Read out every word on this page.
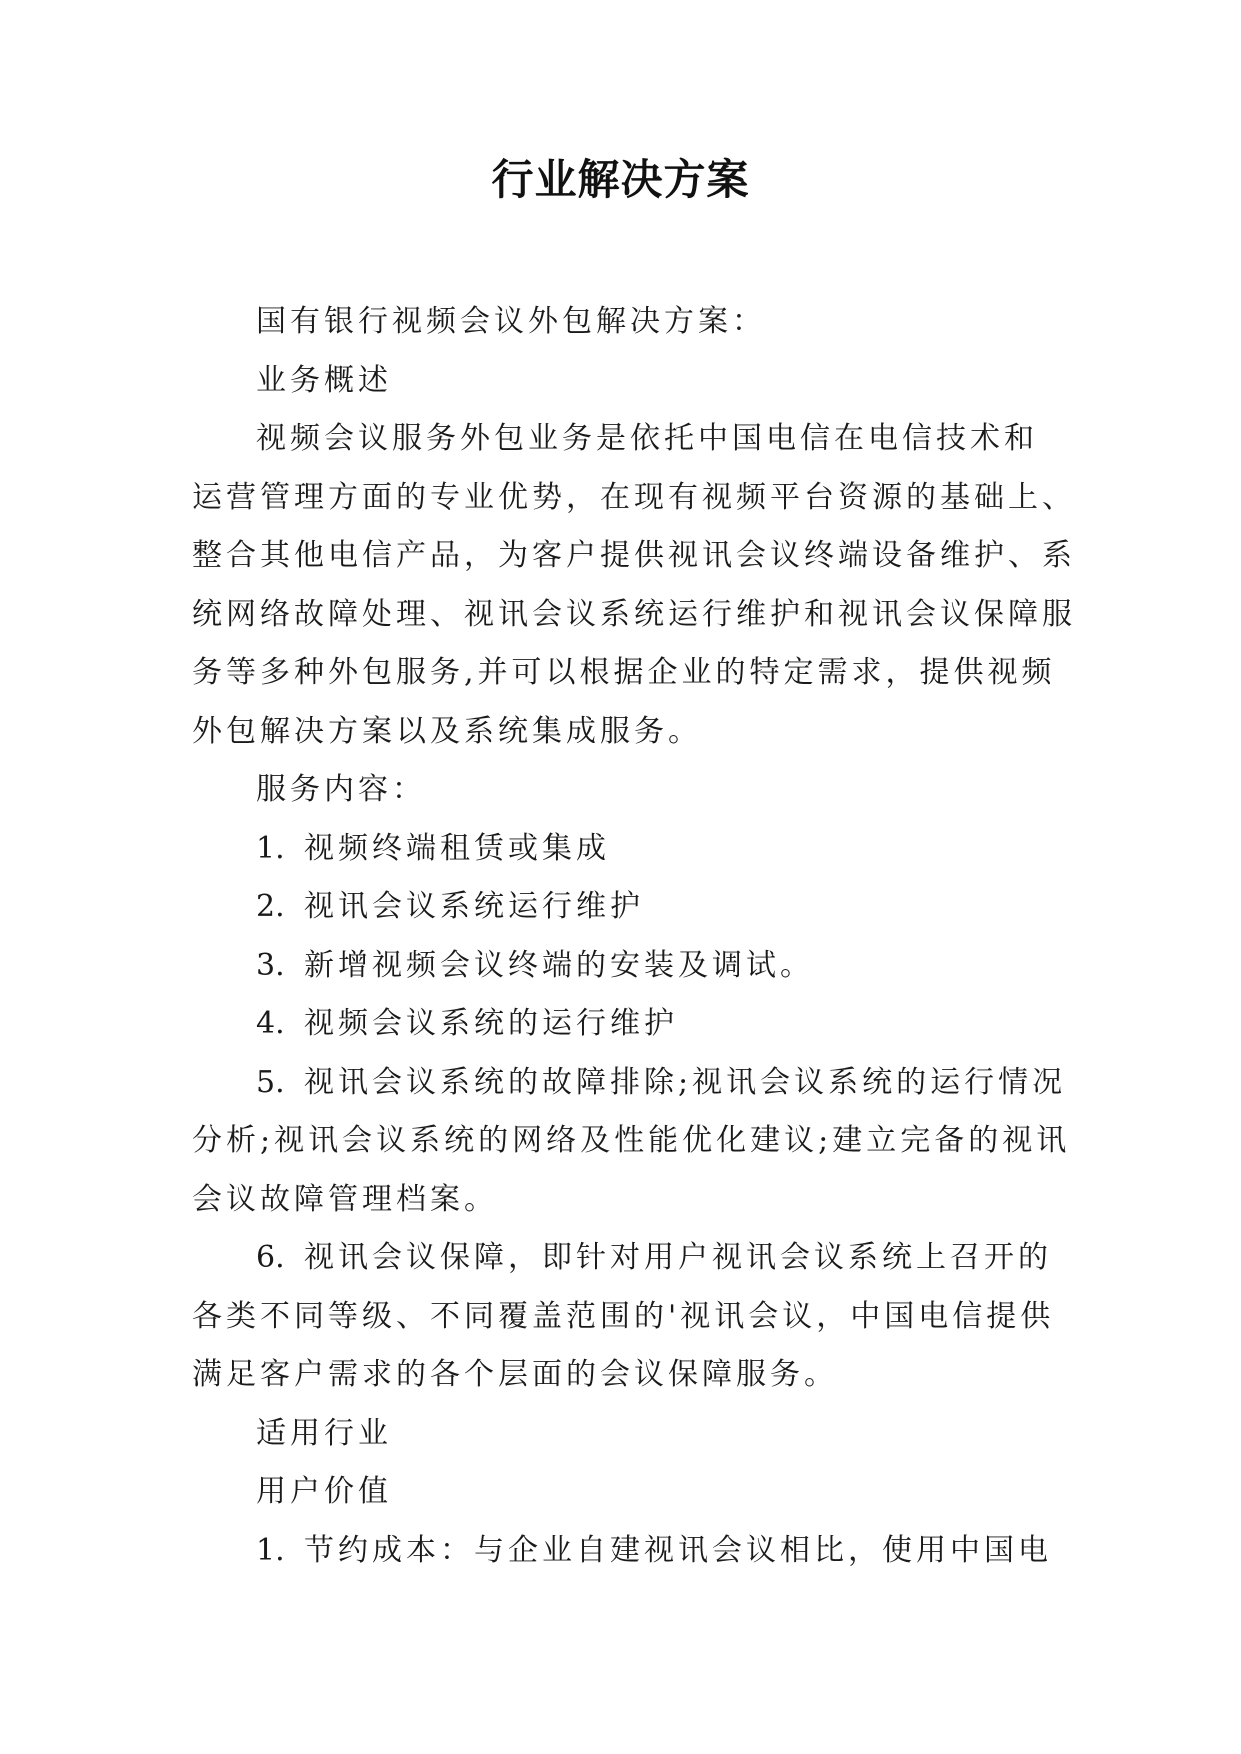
行业解决方案
国有银行视频会议外包解决方案：
业务概述
视频会议服务外包业务是依托中国电信在电信技术和
运营管理方面的专业优势，在现有视频平台资源的基础上、
整合其他电信产品，为客户提供视讯会议终端设备维护、系
统网络故障处理、视讯会议系统运行维护和视讯会议保障服
务等多种外包服务,并可以根据企业的特定需求，提供视频
外包解决方案以及系统集成服务。
服务内容：
1. 视频终端租赁或集成
2. 视讯会议系统运行维护
3. 新增视频会议终端的安装及调试。
4. 视频会议系统的运行维护
5. 视讯会议系统的故障排除;视讯会议系统的运行情况
分析;视讯会议系统的网络及性能优化建议;建立完备的视讯
会议故障管理档案。
6. 视讯会议保障，即针对用户视讯会议系统上召开的
各类不同等级、不同覆盖范围的'视讯会议，中国电信提供
满足客户需求的各个层面的会议保障服务。
适用行业
用户价值
1. 节约成本：与企业自建视讯会议相比，使用中国电
